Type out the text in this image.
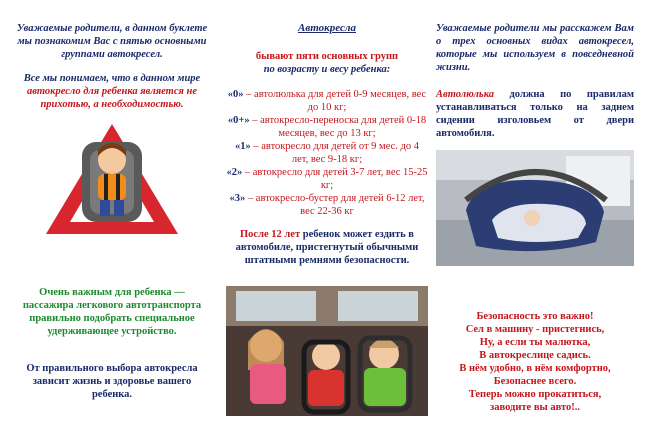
Уважаемые родители, в данном буклете мы познакомим Вас с пятью основными группами автокресел.
Все мы понимаем, что в данном мире автокресло для ребенка является не прихотью, а необходимостью.
Очень важным для ребенка — пассажира легкового автотранспорта правильно подобрать специальное удерживающее устройство.
От правильного выбора автокресла зависит жизнь и здоровье вашего ребенка.
Автокресла
бывают пяти основных групп
по возрасту и весу ребенка:
«0» – автолюлька для детей 0-9 месяцев, вес до 10 кг;
«0+» – автокресло-переноска для детей 0-18 месяцев, вес до 13 кг;
«1» – автокресло для детей от 9 мес. до 4 лет, вес 9-18 кг;
«2» – автокресло для детей 3-7 лет, вес 15-25 кг;
«3» – автокресло-бустер для детей 6-12 лет, вес 22-36 кг
После 12 лет ребенок может ездить в автомобиле, пристегнутый обычными штатными ремнями безопасности.
Уважаемые родители мы расскажем Вам о трех основных видах автокресел, которые мы используем в повседневной жизни.
Автолюлька должна по правилам устанавливаться только на заднем сидении изголовьем от двери автомобиля.
Безопасность это важно!
Сел в машину - пристегнись,
Ну, а если ты малютка,
В автокреслице садись.
В нём удобно, в нём комфортно,
Безопаснее всего.
Теперь можно прокатиться,
заводите вы авто!..
